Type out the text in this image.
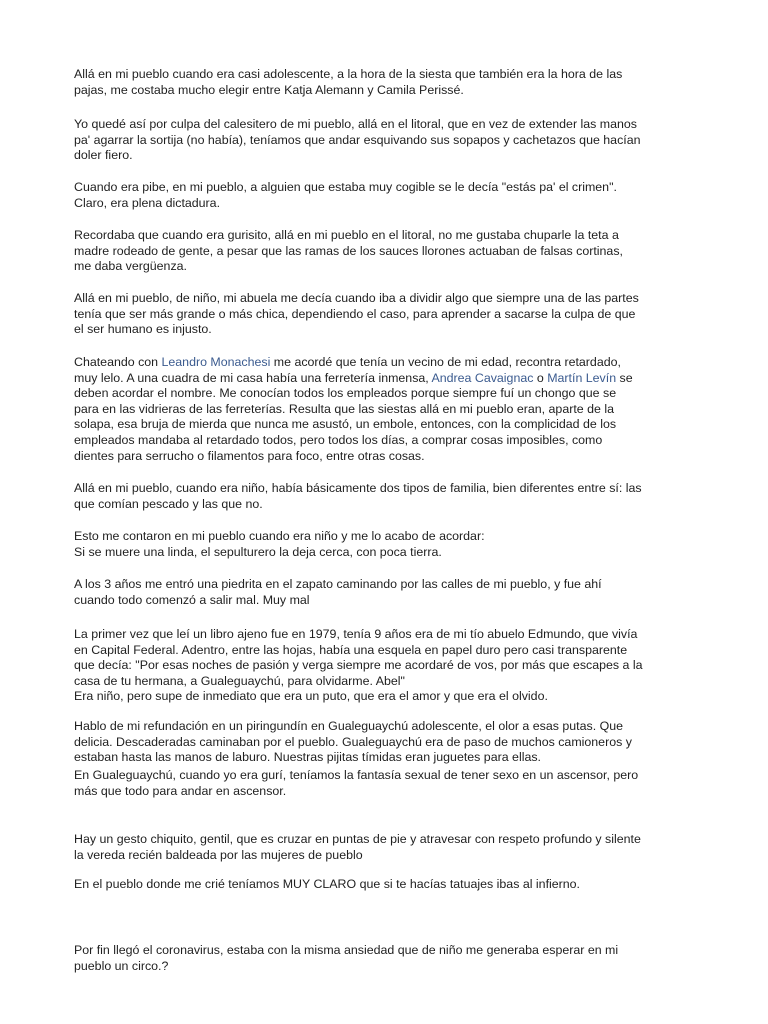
Allá en mi pueblo cuando era casi adolescente, a la hora de la siesta que también era la hora de las
pajas, me costaba mucho elegir entre Katja Alemann y Camila Perissé.
Yo quedé así por culpa del calesitero de mi pueblo, allá en el litoral, que en vez de extender las manos
pa' agarrar la sortija (no había), teníamos que andar esquivando sus sopapos y cachetazos que hacían
doler fiero.
Cuando era pibe, en mi pueblo, a alguien que estaba muy cogible se le decía "estás pa' el crimen".
Claro, era plena dictadura.
Recordaba que cuando era gurisito, allá en mi pueblo en el litoral, no me gustaba chuparle la teta a
madre rodeado de gente, a pesar que las ramas de los sauces llorones actuaban de falsas cortinas,
me daba vergüenza.
Allá en mi pueblo, de niño, mi abuela me decía cuando iba a dividir algo que siempre una de las partes
tenía que ser más grande o más chica, dependiendo el caso, para aprender a sacarse la culpa de que
el ser humano es injusto.
Chateando con Leandro Monachesi me acordé que tenía un vecino de mi edad, recontra retardado,
muy lelo. A una cuadra de mi casa había una ferretería inmensa, Andrea Cavaignac o Martín Levín se
deben acordar el nombre. Me conocían todos los empleados porque siempre fuí un chongo que se
para en las vidrieras de las ferreterías. Resulta que las siestas allá en mi pueblo eran, aparte de la
solapa, esa bruja de mierda que nunca me asustó, un embole, entonces, con la complicidad de los
empleados mandaba al retardado todos, pero todos los días, a comprar cosas imposibles, como
dientes para serrucho o filamentos para foco, entre otras cosas.
Allá en mi pueblo, cuando era niño, había básicamente dos tipos de familia, bien diferentes entre sí: las
que comían pescado y las que no.
Esto me contaron en mi pueblo cuando era niño y me lo acabo de acordar:
Si se muere una linda, el sepulturero la deja cerca, con poca tierra.
A los 3 años me entró una piedrita en el zapato caminando por las calles de mi pueblo, y fue ahí
cuando todo comenzó a salir mal. Muy mal
La primer vez que leí un libro ajeno fue en 1979, tenía 9 años era de mi tío abuelo Edmundo, que vivía
en Capital Federal. Adentro, entre las hojas, había una esquela en papel duro pero casi transparente
que decía: "Por esas noches de pasión y verga siempre me acordaré de vos, por más que escapes a la
casa de tu hermana, a Gualeguaychú, para olvidarme. Abel"
Era niño, pero supe de inmediato que era un puto, que era el amor y que era el olvido.
Hablo de mi refundación en un piringundín en Gualeguaychú adolescente, el olor a esas putas. Que
delicia. Descaderadas caminaban por el pueblo. Gualeguaychú era de paso de muchos camioneros y
estaban hasta las manos de laburo. Nuestras pijitas tímidas eran juguetes para ellas.
En Gualeguaychú, cuando yo era gurí, teníamos la fantasía sexual de tener sexo en un ascensor, pero
más que todo para andar en ascensor.
Hay un gesto chiquito, gentil, que es cruzar en puntas de pie y atravesar con respeto profundo y silente
la vereda recién baldeada por las mujeres de pueblo
En el pueblo donde me crié teníamos MUY CLARO que si te hacías tatuajes ibas al infierno.
Por fin llegó el coronavirus, estaba con la misma ansiedad que de niño me generaba esperar en mi
pueblo un circo.?
